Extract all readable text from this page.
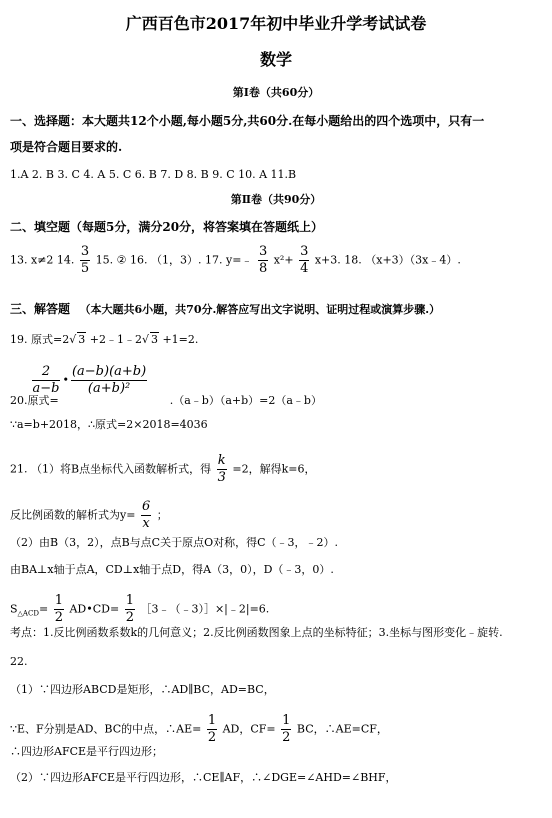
广西百色市2017年初中毕业升学考试试卷
数学
第Ⅰ卷（共60分）
一、选择题：本大题共12个小题,每小题5分,共60分.在每小题给出的四个选项中，只有一
项是符合题目要求的.
1.A 2. B 3. C 4. A 5. C 6. B 7. D 8. B 9. C 10. A 11.B
第Ⅱ卷（共90分）
二、填空题（每题5分，满分20分，将答案填在答题纸上）
13. x≠2 14. $\frac{3}{5} 15$. ② 16. （1，3）. 17. y=﹣ $\frac{3}{8} x^2+ \frac{3}{4} x+3$. 18. （x+3）（3x﹣4）.
三、解答题 （本大题共6小题，共70分.解答应写出文字说明、证明过程或演算步骤.）
19. 原式=2√ 3 +2﹣1﹣2√ 3 +1=2.

$\frac{2}{a-b}$ • $\frac{(a-b)(a+b)}{\text{(a+b)²}}$
20.原式=	.（a﹣b）（a+b）=2（a﹣b）
∵a=b+2018，∴原式=2×2018=4036
21. （1）将B点坐标代入函数解析式，得 $\frac{k}{3} =2$，解得k=6，
反比例函数的解析式为$y= \frac{6}{x}$ ；
（2）由B（3，2），点B与点C关于原点O对称，得C（﹣3，﹣2）.
由BA⊥x轴于点A，CD⊥x轴于点D，得A（3，0），D（﹣3，0）.
$S_{\triangle ACD}= \frac{1}{2}$ AD•CD= $\frac{1}{2}$ ［3﹣（﹣3）］×|﹣2|=6.
考点：1.反比例函数系数k的几何意义；2.反比例函数图象上点的坐标特征；3.坐标与图形变化﹣旋转.
22.
（1）∵四边形ABCD是矩形，∴AD∥BC，AD=BC，
∵E、F分别是AD、BC的中点，∴AE= $\frac{1}{2}$ AD，$CF= \frac{1}{2}$ BC，∴AE=CF，
∴四边形AFCE是平行四边形；
（2）∵四边形AFCE是平行四边形，∴CE∥AF，∴∠DGE=∠AHD=∠BHF，
